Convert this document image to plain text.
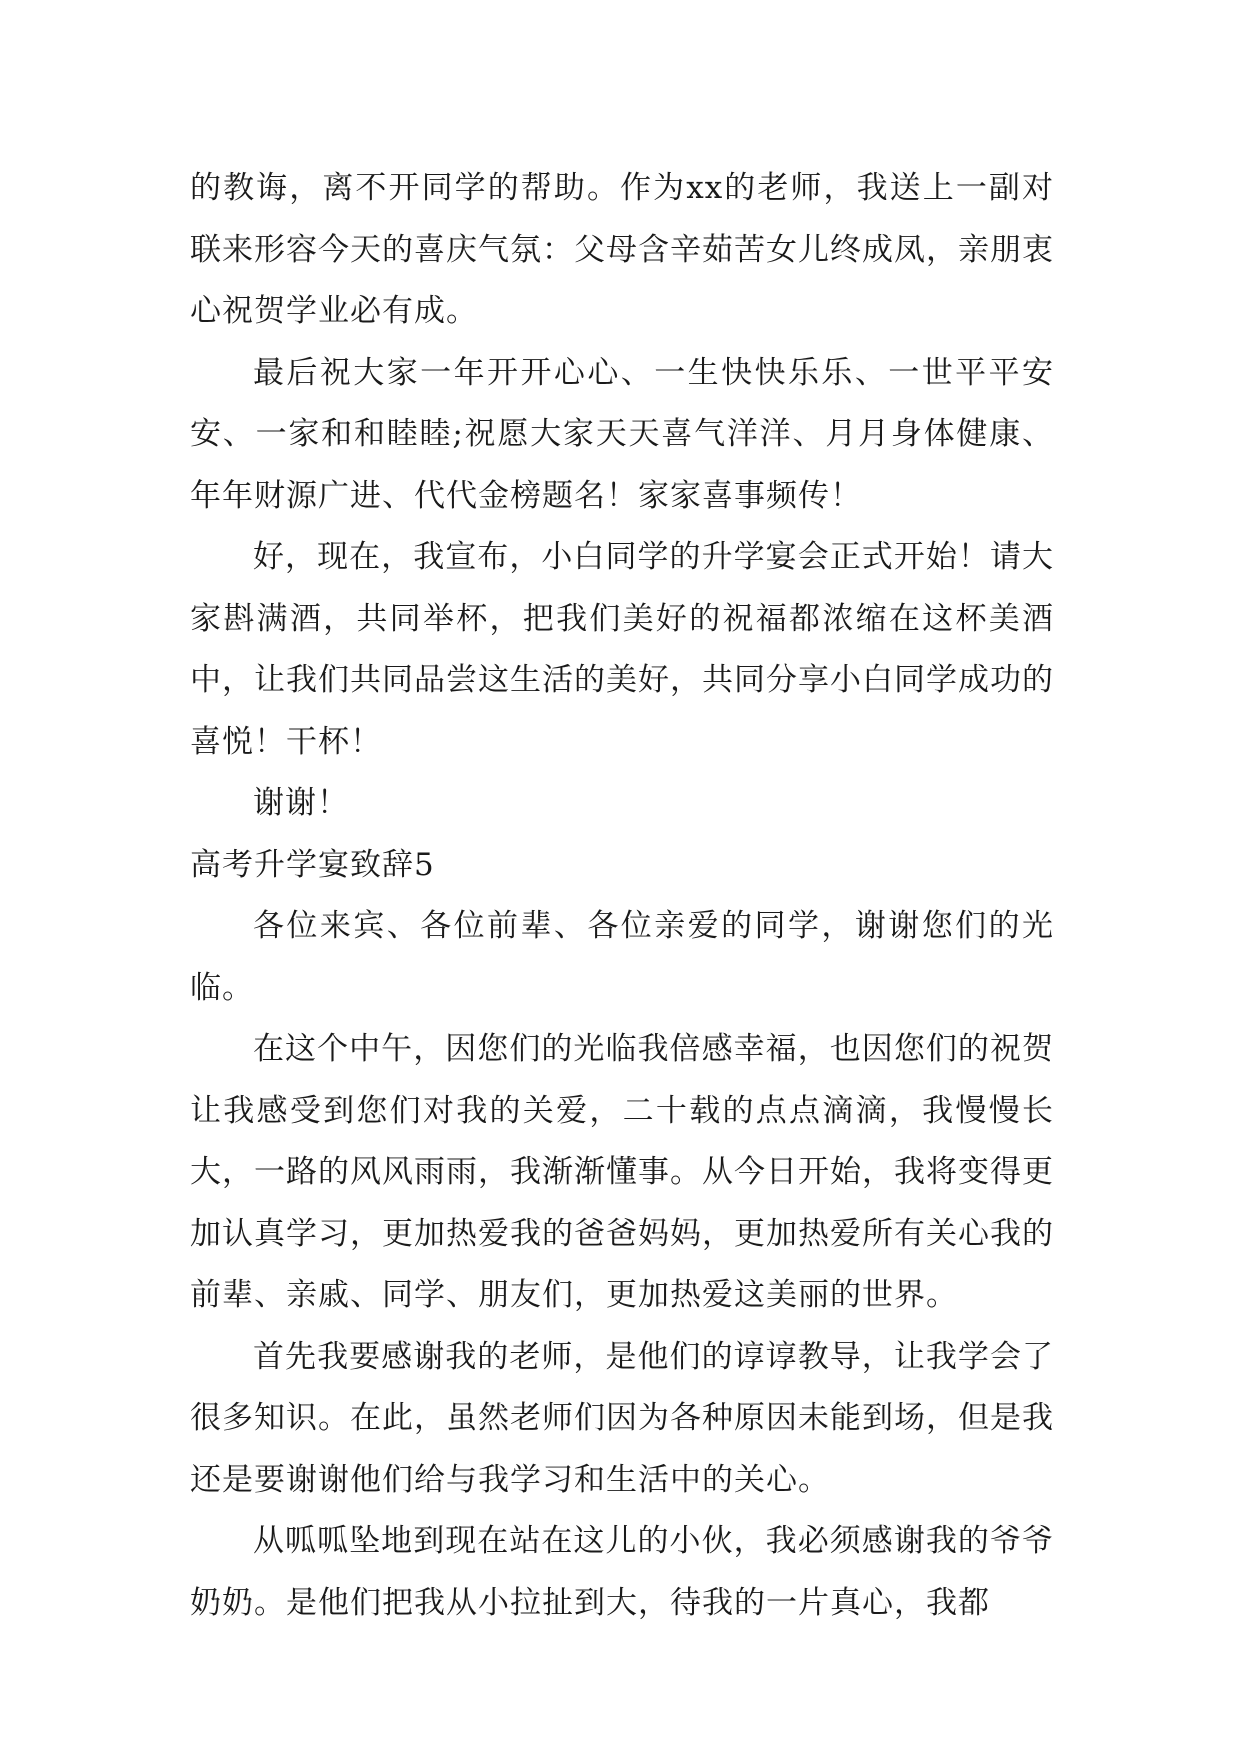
的教诲，离不开同学的帮助。作为xx的老师，我送上一副对联来形容今天的喜庆气氛：父母含辛茹苦女儿终成凤，亲朋衷心祝贺学业必有成。

最后祝大家一年开开心心、一生快快乐乐、一世平平安安、一家和和睦睦;祝愿大家天天喜气洋洋、月月身体健康、年年财源广进、代代金榜题名！家家喜事频传！

好，现在，我宣布，小白同学的升学宴会正式开始！请大家斟满酒，共同举杯，把我们美好的祝福都浓缩在这杯美酒中，让我们共同品尝这生活的美好，共同分享小白同学成功的喜悦！干杯！

谢谢！

高考升学宴致辞5

各位来宾、各位前辈、各位亲爱的同学，谢谢您们的光临。

在这个中午，因您们的光临我倍感幸福，也因您们的祝贺让我感受到您们对我的关爱，二十载的点点滴滴，我慢慢长大，一路的风风雨雨，我渐渐懂事。从今日开始，我将变得更加认真学习，更加热爱我的爸爸妈妈，更加热爱所有关心我的前辈、亲戚、同学、朋友们，更加热爱这美丽的世界。

首先我要感谢我的老师，是他们的谆谆教导，让我学会了很多知识。在此，虽然老师们因为各种原因未能到场，但是我还是要谢谢他们给与我学习和生活中的关心。

从呱呱坠地到现在站在这儿的小伙，我必须感谢我的爷爷奶奶。是他们把我从小拉扯到大，待我的一片真心，我都
